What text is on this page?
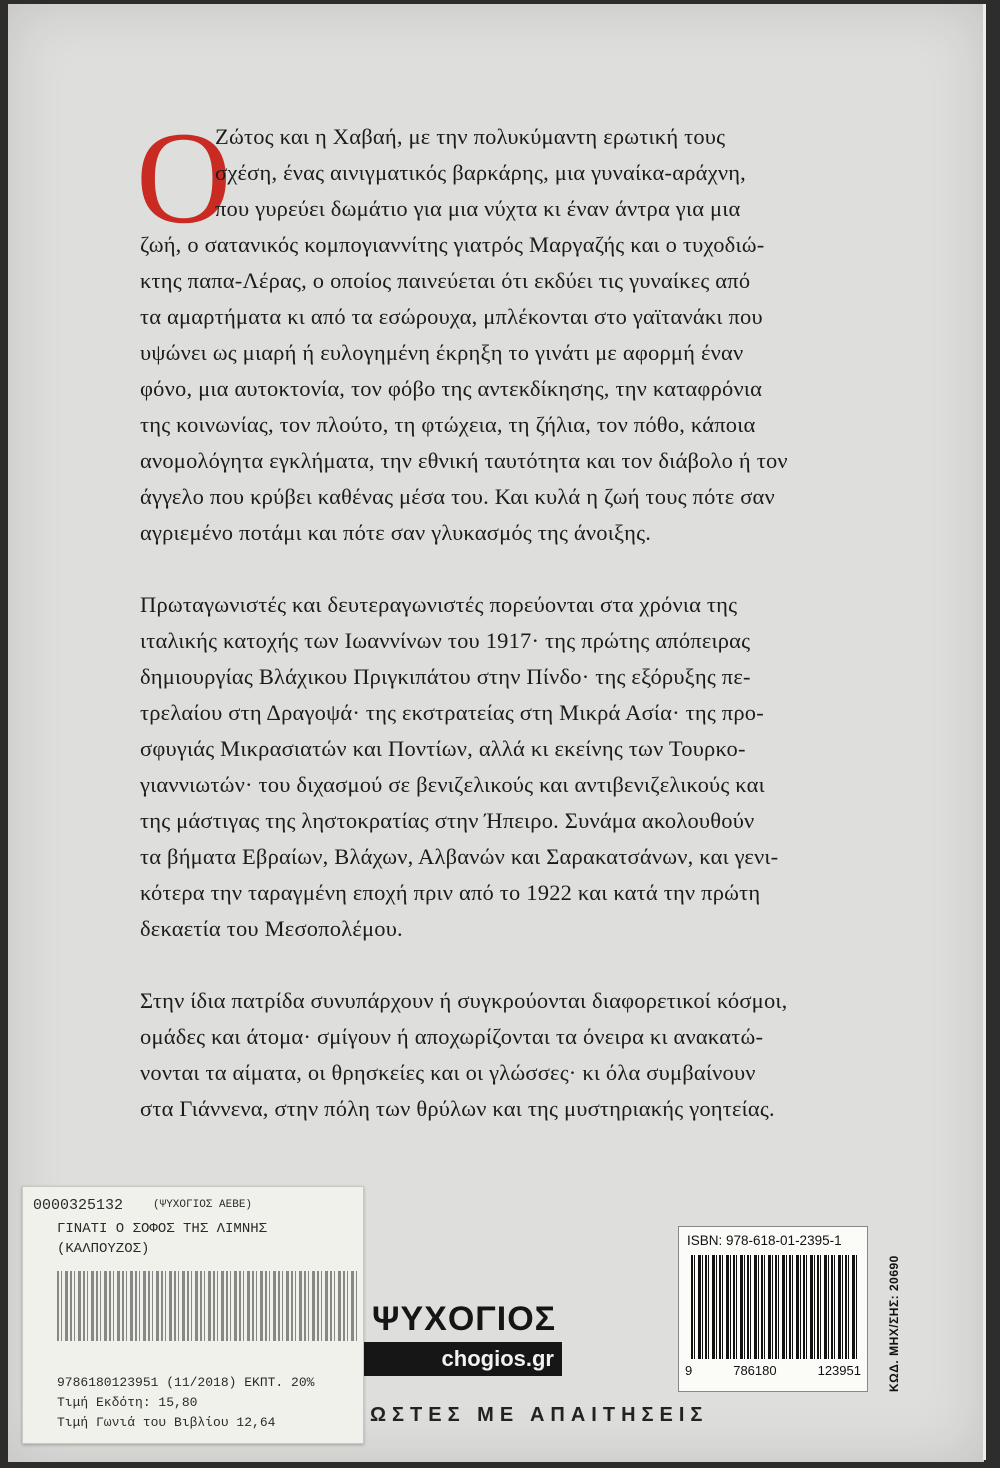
Ο
Ζώτος και η Χαβαή, με την πολυκύμαντη ερωτική τους
σχέση, ένας αινιγματικός βαρκάρης, μια γυναίκα-αράχνη,
που γυρεύει δωμάτιο για μια νύχτα κι έναν άντρα για μια
ζωή, ο σατανικός κομπογιαννίτης γιατρός Μαργαζής και ο τυχοδιώ-
κτης παπα-Λέρας, ο οποίος παινεύεται ότι εκδύει τις γυναίκες από
τα αμαρτήματα κι από τα εσώρουχα, μπλέκονται στο γαϊτανάκι που
υψώνει ως μιαρή ή ευλογημένη έκρηξη το γινάτι με αφορμή έναν
φόνο, μια αυτοκτονία, τον φόβο της αντεκδίκησης, την καταφρόνια
της κοινωνίας, τον πλούτο, τη φτώχεια, τη ζήλια, τον πόθο, κάποια
ανομολόγητα εγκλήματα, την εθνική ταυτότητα και τον διάβολο ή τον
άγγελο που κρύβει καθένας μέσα του. Και κυλά η ζωή τους πότε σαν
αγριεμένο ποτάμι και πότε σαν γλυκασμός της άνοιξης.
Πρωταγωνιστές και δευτεραγωνιστές πορεύονται στα χρόνια της
ιταλικής κατοχής των Ιωαννίνων του 1917· της πρώτης απόπειρας
δημιουργίας Βλάχικου Πριγκιπάτου στην Πίνδο· της εξόρυξης πε-
τρελαίου στη Δραγοψά· της εκστρατείας στη Μικρά Ασία· της προ-
σφυγιάς Μικρασιατών και Ποντίων, αλλά κι εκείνης των Τουρκο-
γιαννιωτών· του διχασμού σε βενιζελικούς και αντιβενιζελικούς και
της μάστιγας της ληστοκρατίας στην Ήπειρο. Συνάμα ακολουθούν
τα βήματα Εβραίων, Βλάχων, Αλβανών και Σαρακατσάνων, και γενι-
κότερα την ταραγμένη εποχή πριν από το 1922 και κατά την πρώτη
δεκαετία του Μεσοπολέμου.
Στην ίδια πατρίδα συνυπάρχουν ή συγκρούονται διαφορετικοί κόσμοι,
ομάδες και άτομα· σμίγουν ή αποχωρίζονται τα όνειρα κι ανακατώ-
νονται τα αίματα, οι θρησκείες και οι γλώσσες· κι όλα συμβαίνουν
στα Γιάννενα, στην πόλη των θρύλων και της μυστηριακής γοητείας.
ΨΥΧΟΓΙΟΣ
chogios.gr
ΩΣΤΕΣ ΜΕ ΑΠΑΙΤΗΣΕΙΣ
0000325132	(ΨΥΧΟΓΙΟΣ ΑΕΒΕ)
ΓΙΝΑΤΙ Ο ΣΟΦΟΣ ΤΗΣ ΛΙΜΝΗΣ
(ΚΑΛΠΟΥΖΟΣ)
9786180123951 (11/2018) ΕΚΠΤ. 20%
Τιμή Εκδότη: 15,80
Τιμή Γωνιά του Βιβλίου 12,64
ISBN: 978-618-01-2395-1
9	786180	123951 ΚΩΔ. ΜΗΧ/ΣΗΣ: 20690
